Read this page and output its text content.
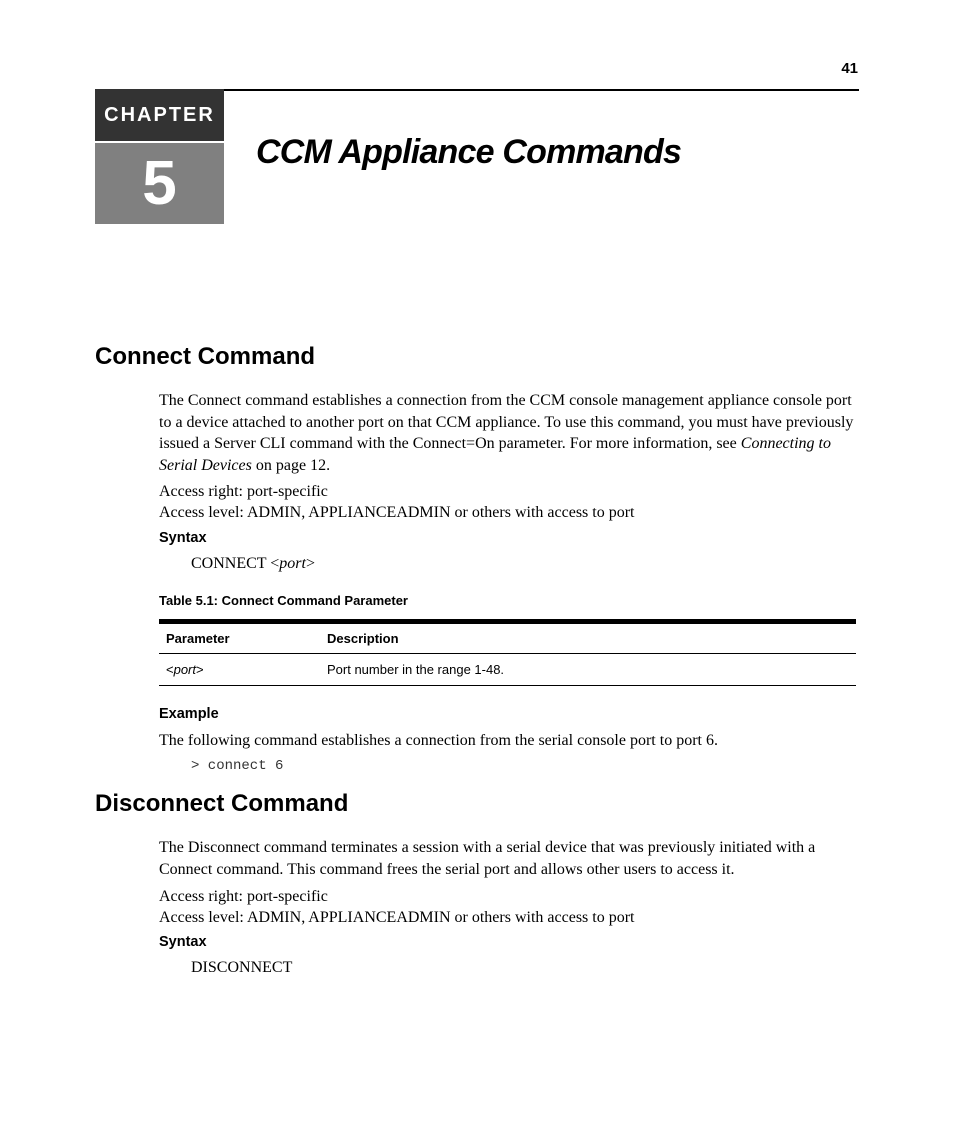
41
CHAPTER
5	CCM Appliance Commands
Connect Command

The Connect command establishes a connection from the CCM console management appliance console port to a device attached to another port on that CCM appliance. To use this command, you must have previously issued a Server CLI command with the Connect=On parameter. For more information, see Connecting to Serial Devices on page 12.

Access right: port-specific

Access level: ADMIN, APPLIANCEADMIN or others with access to port

Syntax

CONNECT <port>

Table 5.1: Connect Command Parameter

Parameter	Description
<port>	Port number in the range 1-48.

Example

The following command establishes a connection from the serial console port to port 6.

> connect 6

Disconnect Command

The Disconnect command terminates a session with a serial device that was previously initiated with a Connect command. This command frees the serial port and allows other users to access it.

Access right: port-specific

Access level: ADMIN, APPLIANCEADMIN or others with access to port

Syntax

DISCONNECT
